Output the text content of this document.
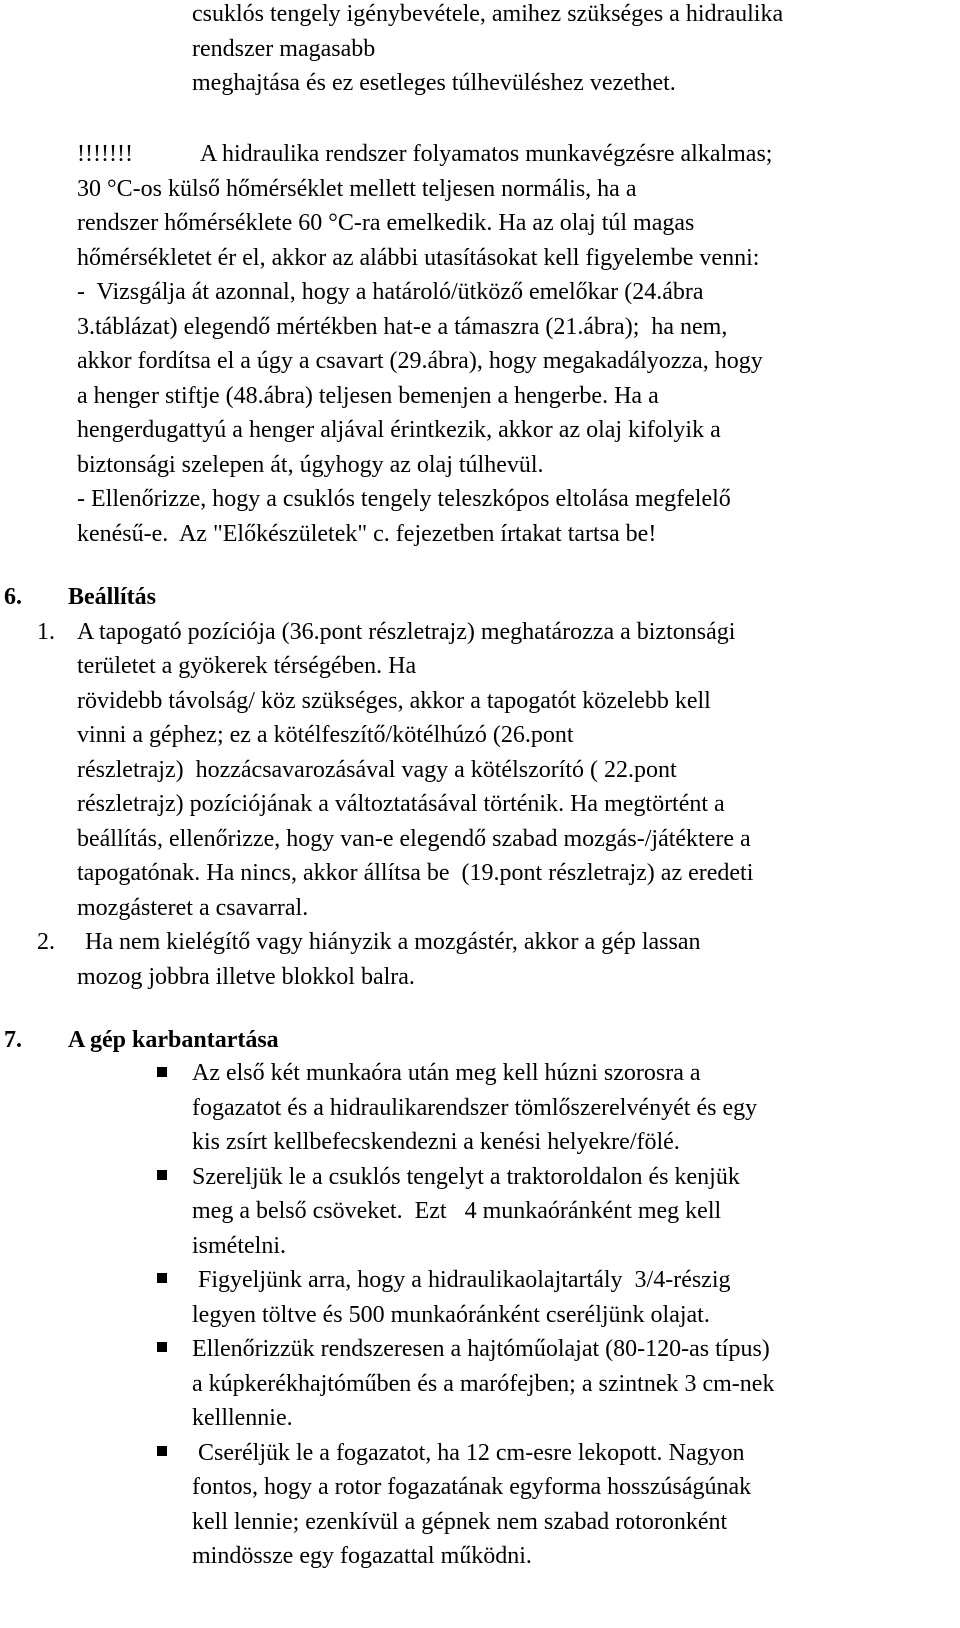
csuklós tengely igénybevétele, amihez szükséges a hidraulika
rendszer magasabb
meghajtása és ez esetleges túlhevüléshez vezethet.
!!!!!!!	A hidraulika rendszer folyamatos munkavégzésre alkalmas;
30 °C-os külső hőmérséklet mellett teljesen normális, ha a
rendszer hőmérséklete 60 °C-ra emelkedik. Ha az olaj túl magas
hőmérsékletet ér el, akkor az alábbi utasításokat kell figyelembe venni:
-  Vizsgálja át azonnal, hogy a határoló/ütköző emelőkar (24.ábra
3.táblázat) elegendő mértékben hat-e a támaszra (21.ábra);  ha nem,
akkor fordítsa el a úgy a csavart (29.ábra), hogy megakadályozza, hogy
a henger stiftje (48.ábra) teljesen bemenjen a hengerbe. Ha a
hengerdugattyú a henger aljával érintkezik, akkor az olaj kifolyik a
biztonsági szelepen át, úgyhogy az olaj túlhevül.
- Ellenőrizze, hogy a csuklós tengely teleszkópos eltolása megfelelő
kenésű-e.  Az "Előkészületek" c. fejezetben írtakat tartsa be!
6. Beállítás
1. A tapogató pozíciója (36.pont részletrajz) meghatározza a biztonsági
területet a gyökerek térségében. Ha
rövidebb távolság/ köz szükséges, akkor a tapogatót közelebb kell
vinni a géphez; ez a kötélfeszítő/kötélhúzó (26.pont
részletrajz)  hozzácsavarozásával vagy a kötélszorító ( 22.pont
részletrajz) pozíciójának a változtatásával történik. Ha megtörtént a
beállítás, ellenőrizze, hogy van-e elegendő szabad mozgás-/játéktere a
tapogatónak. Ha nincs, akkor állítsa be  (19.pont részletrajz) az eredeti
mozgásteret a csavarral.
2. Ha nem kielégítő vagy hiányzik a mozgástér, akkor a gép lassan
mozog jobbra illetve blokkol balra.
7. A gép karbantartása
Az első két munkaóra után meg kell húzni szorosra a
fogazatot és a hidraulikarendszer tömlőszerelvényét és egy
kis zsírt kellbefecskendezni a kenési helyekre/fölé.
Szereljük le a csuklós tengelyt a traktoroldalon és kenjük
meg a belső csöveket.  Ezt   4 munkaóránként meg kell
ismételni.
Figyeljünk arra, hogy a hidraulikaolajtartály  3/4-részig
legyen töltve és 500 munkaóránként cseréljünk olajat.
Ellenőrizzük rendszeresen a hajtóműolajat (80-120-as típus)
a kúpkerékhajtóműben és a marófejben; a szintnek 3 cm-nek
kelllennie.
Cseréljük le a fogazatot, ha 12 cm-esre lekopott. Nagyon
fontos, hogy a rotor fogazatának egyforma hosszúságúnak
kell lennie; ezenkívül a gépnek nem szabad rotoronként
mindössze egy fogazattal működni.
